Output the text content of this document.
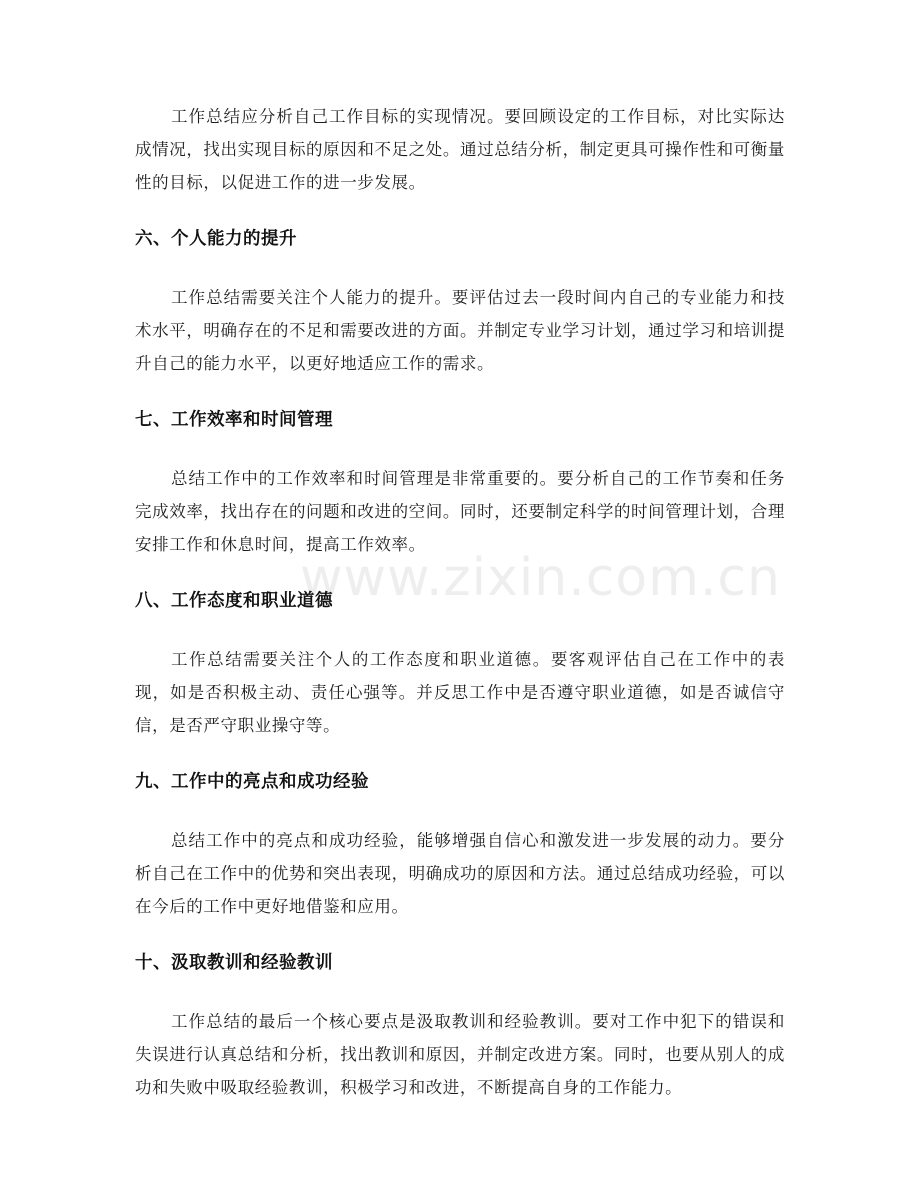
工作总结应分析自己工作目标的实现情况。要回顾设定的工作目标，对比实际达成情况，找出实现目标的原因和不足之处。通过总结分析，制定更具可操作性和可衡量性的目标，以促进工作的进一步发展。

六、个人能力的提升

工作总结需要关注个人能力的提升。要评估过去一段时间内自己的专业能力和技术水平，明确存在的不足和需要改进的方面。并制定专业学习计划，通过学习和培训提升自己的能力水平，以更好地适应工作的需求。

七、工作效率和时间管理

总结工作中的工作效率和时间管理是非常重要的。要分析自己的工作节奏和任务完成效率，找出存在的问题和改进的空间。同时，还要制定科学的时间管理计划，合理安排工作和休息时间，提高工作效率。

八、工作态度和职业道德

工作总结需要关注个人的工作态度和职业道德。要客观评估自己在工作中的表现，如是否积极主动、责任心强等。并反思工作中是否遵守职业道德，如是否诚信守信，是否严守职业操守等。

九、工作中的亮点和成功经验

总结工作中的亮点和成功经验，能够增强自信心和激发进一步发展的动力。要分析自己在工作中的优势和突出表现，明确成功的原因和方法。通过总结成功经验，可以在今后的工作中更好地借鉴和应用。

十、汲取教训和经验教训

工作总结的最后一个核心要点是汲取教训和经验教训。要对工作中犯下的错误和失误进行认真总结和分析，找出教训和原因，并制定改进方案。同时，也要从别人的成功和失败中吸取经验教训，积极学习和改进，不断提高自身的工作能力。

www.zixin.com.cn
